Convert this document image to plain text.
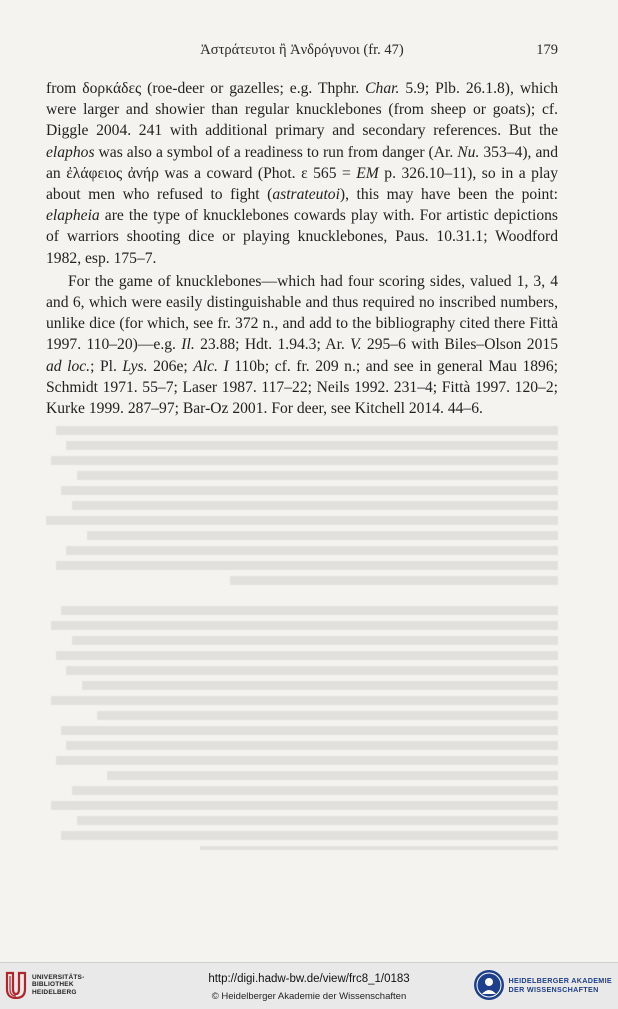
Ἀστράτευτοι ἢ Ἀνδρόγυνοι (fr. 47)	179

from δορκάδες (roe-deer or gazelles; e.g. Thphr. Char. 5.9; Plb. 26.1.8), which were larger and showier than regular knucklebones (from sheep or goats); cf. Diggle 2004. 241 with additional primary and secondary references. But the elaphos was also a symbol of a readiness to run from danger (Ar. Nu. 353–4), and an ἐλάφειος ἀνήρ was a coward (Phot. ε 565 = EM p. 326.10–11), so in a play about men who refused to fight (astrateutoi), this may have been the point: elapheia are the type of knucklebones cowards play with. For artistic depictions of warriors shooting dice or playing knucklebones, Paus. 10.31.1; Woodford 1982, esp. 175–7.

For the game of knucklebones—which had four scoring sides, valued 1, 3, 4 and 6, which were easily distinguishable and thus required no inscribed numbers, unlike dice (for which, see fr. 372 n., and add to the bibliography cited there Fittà 1997. 110–20)—e.g. Il. 23.88; Hdt. 1.94.3; Ar. V. 295–6 with Biles–Olson 2015 ad loc.; Pl. Lys. 206e; Alc. I 110b; cf. fr. 209 n.; and see in general Mau 1896; Schmidt 1971. 55–7; Laser 1987. 117–22; Neils 1992. 231–4; Fittà 1997. 120–2; Kurke 1999. 287–97; Bar-Oz 2001. For deer, see Kitchell 2014. 44–6.

UNIVERSITÄTS-
BIBLIOTHEK
HEIDELBERG
http://digi.hadw-bw.de/view/frc8_1/0183
© Heidelberger Akademie der Wissenschaften
HEIDELBERGER AKADEMIE
DER WISSENSCHAFTEN
